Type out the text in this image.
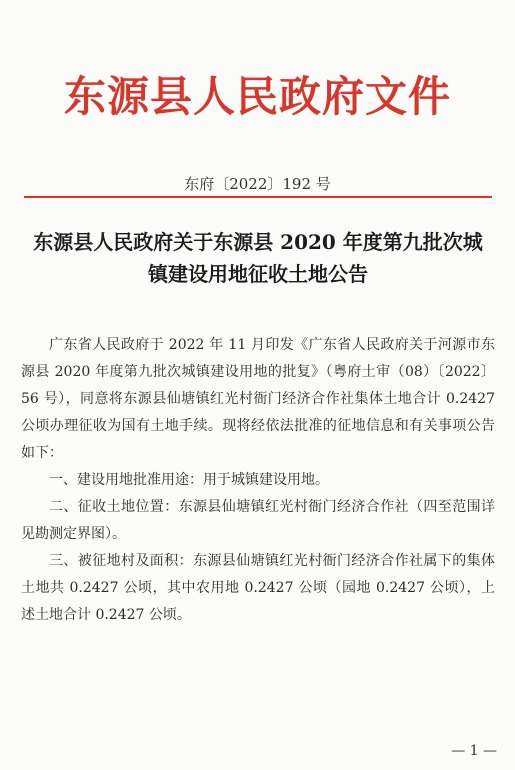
东源县人民政府文件
东府〔2022〕192 号
东源县人民政府关于东源县 2020 年度第九批次城镇建设用地征收土地公告

广东省人民政府于 2022 年 11 月印发《广东省人民政府关于河源市东源县 2020 年度第九批次城镇建设用地的批复》（粤府土审（08）〔2022〕56 号），同意将东源县仙塘镇红光村衙门经济合作社集体土地合计 0.2427 公顷办理征收为国有土地手续。现将经依法批准的征地信息和有关事项公告如下：

一、建设用地批准用途：用于城镇建设用地。

二、征收土地位置：东源县仙塘镇红光村衙门经济合作社（四至范围详见勘测定界图）。

三、被征地村及面积：东源县仙塘镇红光村衙门经济合作社属下的集体土地共 0.2427 公顷，其中农用地 0.2427 公顷（园地 0.2427 公顷），上述土地合计 0.2427 公顷。

— 1 —
